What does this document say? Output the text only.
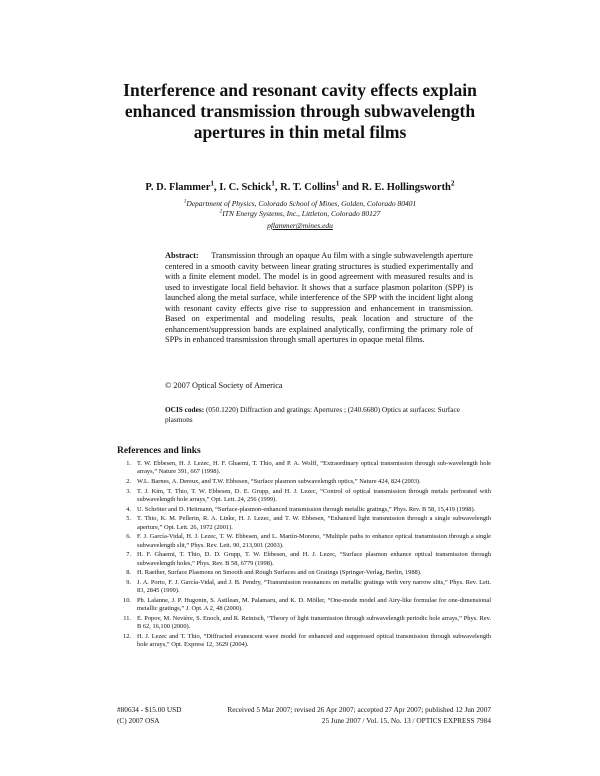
Interference and resonant cavity effects explain enhanced transmission through subwavelength apertures in thin metal films
P. D. Flammer$^1$, I. C. Schick$^1$, R. T. Collins$^1$ and R. E. Hollingsworth$^2$
$^1$Department of Physics, Colorado School of Mines, Golden, Colorado 80401
$^2$ITN Energy Systems, Inc., Littleton, Colorado 80127
pflammer@mines.edu
Abstract: Transmission through an opaque Au film with a single subwavelength aperture centered in a smooth cavity between linear grating structures is studied experimentally and with a finite element model. The model is in good agreement with measured results and is used to investigate local field behavior. It shows that a surface plasmon polariton (SPP) is launched along the metal surface, while interference of the SPP with the incident light along with resonant cavity effects give rise to suppression and enhancement in transmission. Based on experimental and modeling results, peak location and structure of the enhancement/suppression bands are explained analytically, confirming the primary role of SPPs in enhanced transmission through small apertures in opaque metal films.
© 2007 Optical Society of America
OCIS codes: (050.1220) Diffraction and gratings: Apertures ; (240.6680) Optics at surfaces: Surface plasmons
References and links
1. T. W. Ebbesen, H. J. Lezec, H. F. Ghaemi, T. Thio, and P. A. Wolff, “Extraordinary optical transmission through sub-wavelength hole arrays,” Nature 391, 667 (1998).
2. W.L. Barnes, A. Dereux, and T.W. Ebbesen, “Surface plasmon subwavelength optics,” Nature 424, 824 (2003).
3. T. J. Kim, T. Thio, T. W. Ebbesen, D. E. Grupp, and H. J. Lezec, “Control of optical transmission through metals perforated with subwavelength hole arrays,” Opt. Lett. 24, 256 (1999).
4. U. Schröter and D. Heitmann, “Surface-plasmon-enhanced transmission through metallic gratings,” Phys. Rev. B 58, 15,419 (1998).
5. T. Thio, K. M. Pellerin, R. A. Linke, H. J. Lezec, and T. W. Ebbesen, “Enhanced light transmission through a single subwavelength aperture,” Opt. Lett. 26, 1972 (2001).
6. F. J. García-Vidal, H. J. Lezec, T. W. Ebbesen, and L. Martín-Moreno, “Multiple paths to enhance optical transmission through a single subwavelength slit,” Phys. Rev. Lett. 90, 213,901 (2003).
7. H. F. Ghaemi, T. Thio, D. D. Grupp, T. W. Ebbesen, and H. J. Lezec, “Surface plasmon enhance optical transmission through subwavelength holes,” Phys. Rev. B 58, 6779 (1998).
8. H. Raether, Surface Plasmons on Smooth and Rough Surfaces and on Gratings (Springer-Verlag, Berlin, 1988).
9. J. A. Porto, F. J. García-Vidal, and J. B. Pendry, “Transmission resonances on metallic gratings with very narrow slits,” Phys. Rev. Lett. 83, 2845 (1999).
10. Ph. Lalanne, J. P. Hugonin, S. Astilean, M. Palamaru, and K. D. Möller, “One-mode model and Airy-like formulae for one-dimensional metallic gratings,” J. Opt. A 2, 48 (2000).
11. E. Popov, M. Nevière, S. Enoch, and R. Reinisch, “Theory of light transmission through subwavelength periodic hole arrays,” Phys. Rev. B 62, 16,100 (2000).
12. H. J. Lezec and T. Thio, “Diffracted evanescent wave model for enhanced and suppressed optical transmission through subwavelength hole arrays,” Opt. Express 12, 3629 (2004).
#80634 - $15.00 USD	Received 5 Mar 2007; revised 26 Apr 2007; accepted 27 Apr 2007; published 12 Jun 2007
(C) 2007 OSA	25 June 2007 / Vol. 15, No. 13 / OPTICS EXPRESS 7984
